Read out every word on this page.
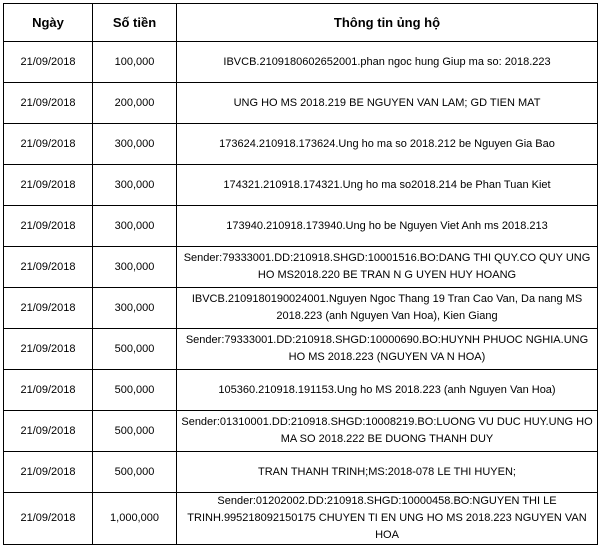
Ngày	Số tiền	Thông tin ủng hộ
21/09/2018	100,000	IBVCB.2109180602652001.phan ngoc hung Giup ma so: 2018.223
21/09/2018	200,000	UNG HO MS 2018.219 BE NGUYEN VAN LAM; GD TIEN MAT
21/09/2018	300,000	173624.210918.173624.Ung ho ma so 2018.212 be Nguyen Gia Bao
21/09/2018	300,000	174321.210918.174321.Ung ho ma so2018.214 be Phan Tuan Kiet
21/09/2018	300,000	173940.210918.173940.Ung ho be Nguyen Viet Anh ms 2018.213
21/09/2018	300,000	Sender:79333001.DD:210918.SHGD:10001516.BO:DANG THI QUY.CO QUY UNG HO MS2018.220 BE TRAN N G UYEN HUY HOANG
21/09/2018	300,000	IBVCB.2109180190024001.Nguyen Ngoc Thang 19 Tran Cao Van, Da nang MS 2018.223 (anh Nguyen Van Hoa), Kien Giang
21/09/2018	500,000	Sender:79333001.DD:210918.SHGD:10000690.BO:HUYNH PHUOC NGHIA.UNG HO MS 2018.223 (NGUYEN VA N HOA)
21/09/2018	500,000	105360.210918.191153.Ung ho MS 2018.223 (anh Nguyen Van Hoa)
21/09/2018	500,000	Sender:01310001.DD:210918.SHGD:10008219.BO:LUONG VU DUC HUY.UNG HO MA SO 2018.222 BE DUONG THANH DUY
21/09/2018	500,000	TRAN THANH TRINH;MS:2018-078 LE THI HUYEN;
21/09/2018	1,000,000	Sender:01202002.DD:210918.SHGD:10000458.BO:NGUYEN THI LE TRINH.995218092150175 CHUYEN TI EN UNG HO MS 2018.223 NGUYEN VAN HOA
